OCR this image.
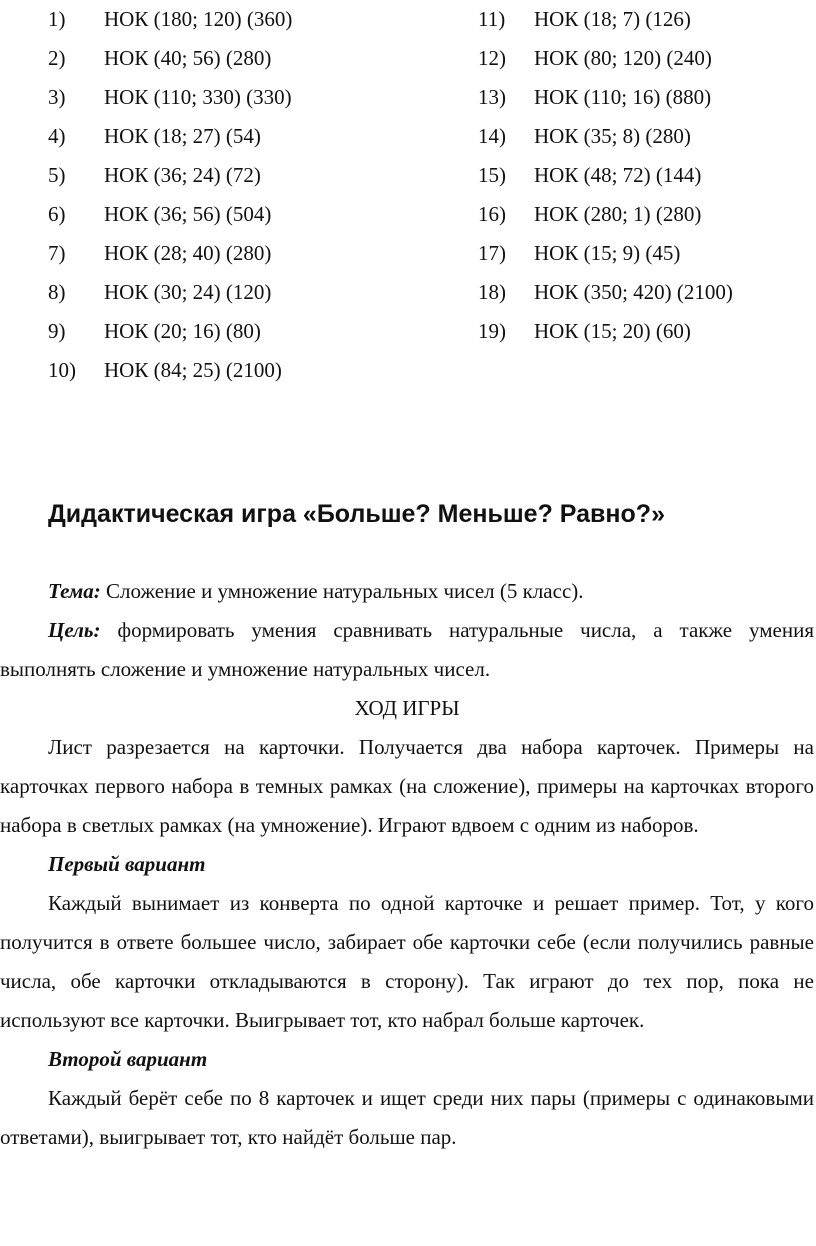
1)	НОК (180; 120) (360)
2)	НОК (40; 56) (280)
3)	НОК (110; 330) (330)
4)	НОК (18; 27) (54)
5)	НОК (36; 24) (72)
6)	НОК (36; 56) (504)
7)	НОК (28; 40) (280)
8)	НОК (30; 24) (120)
9)	НОК (20; 16) (80)
10)	НОК (84; 25) (2100)
11)	НОК (18; 7) (126)
12)	НОК (80; 120) (240)
13)	НОК (110; 16) (880)
14)	НОК (35; 8) (280)
15)	НОК (48; 72) (144)
16)	НОК (280; 1) (280)
17)	НОК (15; 9) (45)
18)	НОК (350; 420) (2100)
19)	НОК (15; 20) (60)
Дидактическая игра «Больше? Меньше? Равно?»

Тема: Сложение и умножение натуральных чисел (5 класс).

Цель: формировать умения сравнивать натуральные числа, а также умения выполнять сложение и умножение натуральных чисел.

ХОД ИГРЫ

Лист разрезается на карточки. Получается два набора карточек. Примеры на карточках первого набора в темных рамках (на сложение), примеры на карточках второго набора в светлых рамках (на умножение). Играют вдвоем с одним из наборов.

Первый вариант

Каждый вынимает из конверта по одной карточке и решает пример. Тот, у кого получится в ответе большее число, забирает обе карточки себе (если получились равные числа, обе карточки откладываются в сторону). Так играют до тех пор, пока не используют все карточки. Выигрывает тот, кто набрал больше карточек.

Второй вариант

Каждый берёт себе по 8 карточек и ищет среди них пары (примеры с одинаковыми ответами), выигрывает тот, кто найдёт больше пар.
